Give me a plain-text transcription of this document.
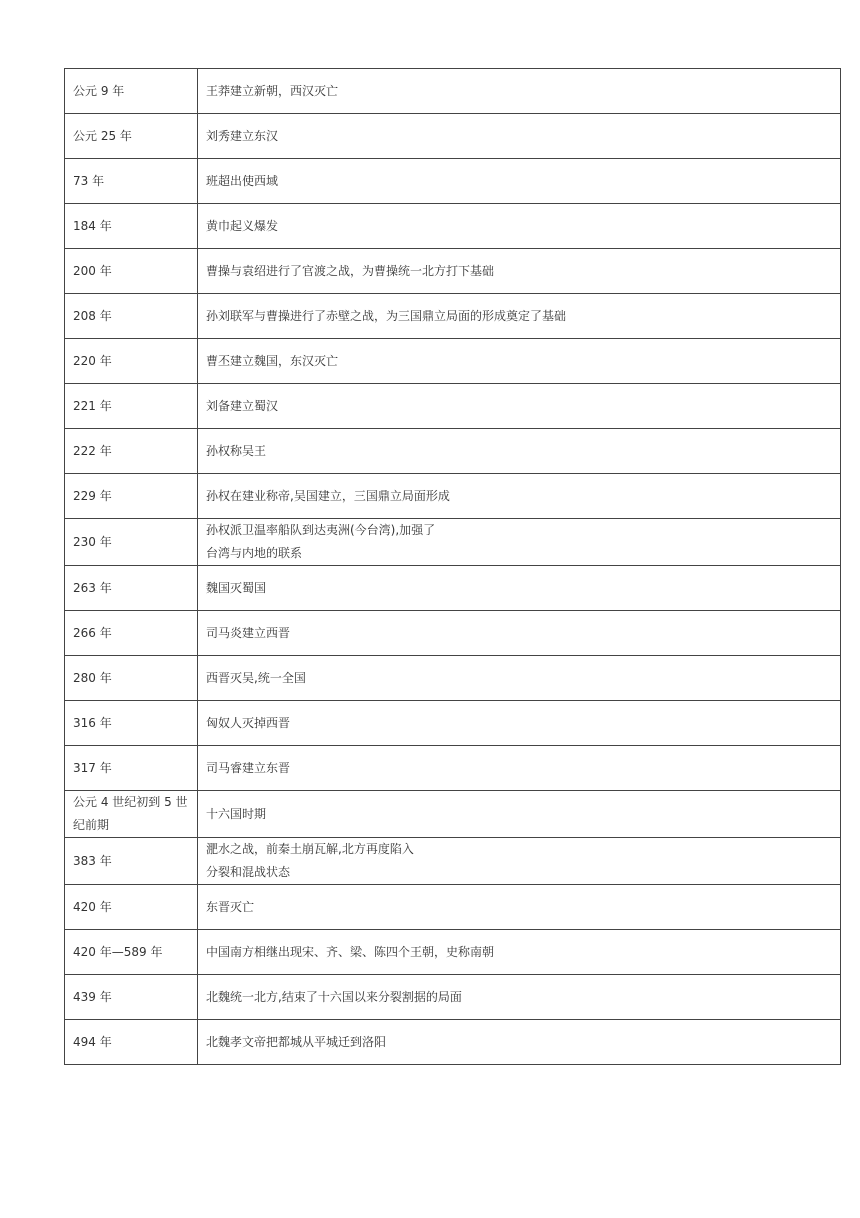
公元 9 年	王莽建立新朝，西汉灭亡

公元 25 年	刘秀建立东汉

73 年	班超出使西域

184 年	黄巾起义爆发

200 年	曹操与袁绍进行了官渡之战，为曹操统一北方打下基础

208 年	孙刘联军与曹操进行了赤壁之战，为三国鼎立局面的形成奠定了基础

220 年	曹丕建立魏国，东汉灭亡

221 年	刘备建立蜀汉

222 年	孙权称吴王

229 年	孙权在建业称帝,吴国建立，三国鼎立局面形成

230 年	孙权派卫温率船队到达夷洲(今台湾),加强了
台湾与内地的联系

263 年	魏国灭蜀国

266 年	司马炎建立西晋

280 年	西晋灭吴,统一全国

316 年	匈奴人灭掉西晋

317 年	司马睿建立东晋

公元 4 世纪初到 5 世纪前期	十六国时期

383 年	淝水之战，前秦土崩瓦解,北方再度陷入
分裂和混战状态

420 年	东晋灭亡

420 年—589 年	中国南方相继出现宋、齐、梁、陈四个王朝，史称南朝

439 年	北魏统一北方,结束了十六国以来分裂割据的局面

494 年	北魏孝文帝把都城从平城迁到洛阳
